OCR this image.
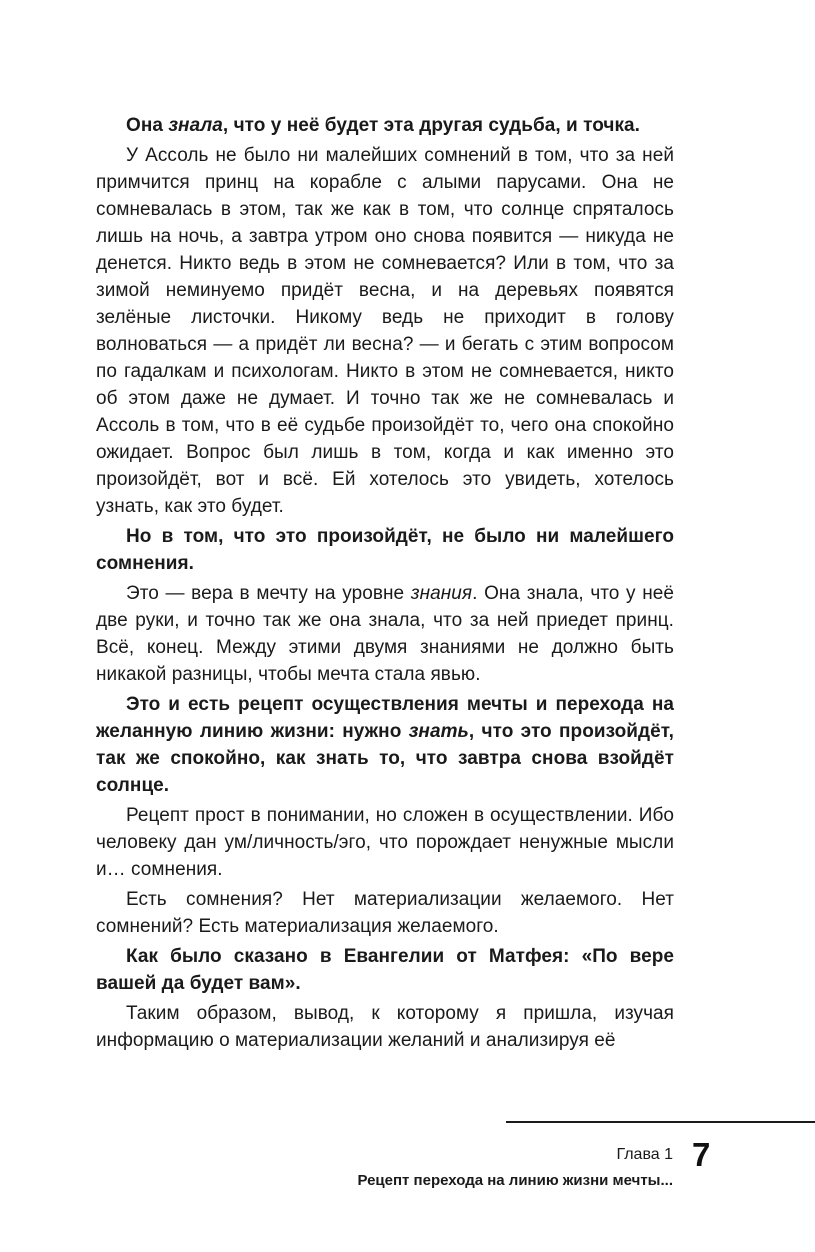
Она знала, что у неё будет эта другая судьба, и точка.

У Ассоль не было ни малейших сомнений в том, что за ней примчится принц на корабле с алыми парусами. Она не сомневалась в этом, так же как в том, что солнце спряталось лишь на ночь, а завтра утром оно снова появится — никуда не денется. Никто ведь в этом не сомневается? Или в том, что за зимой неминуемо придёт весна, и на деревьях появятся зелёные листочки. Никому ведь не приходит в голову волноваться — а придёт ли весна? — и бегать с этим вопросом по гадалкам и психологам. Никто в этом не сомневается, никто об этом даже не думает. И точно так же не сомневалась и Ассоль в том, что в её судьбе произойдёт то, чего она спокойно ожидает. Вопрос был лишь в том, когда и как именно это произойдёт, вот и всё. Ей хотелось это увидеть, хотелось узнать, как это будет.

Но в том, что это произойдёт, не было ни малейшего сомнения.

Это — вера в мечту на уровне знания. Она знала, что у неё две руки, и точно так же она знала, что за ней приедет принц. Всё, конец. Между этими двумя знаниями не должно быть никакой разницы, чтобы мечта стала явью.

Это и есть рецепт осуществления мечты и перехода на желанную линию жизни: нужно знать, что это произойдёт, так же спокойно, как знать то, что завтра снова взойдёт солнце.

Рецепт прост в понимании, но сложен в осуществлении. Ибо человеку дан ум/личность/эго, что порождает ненужные мысли и… сомнения.

Есть сомнения? Нет материализации желаемого. Нет сомнений? Есть материализация желаемого.

Как было сказано в Евангелии от Матфея: «По вере вашей да будет вам».

Таким образом, вывод, к которому я пришла, изучая информацию о материализации желаний и анализируя её

Глава 1 7
Рецепт перехода на линию жизни мечты...
